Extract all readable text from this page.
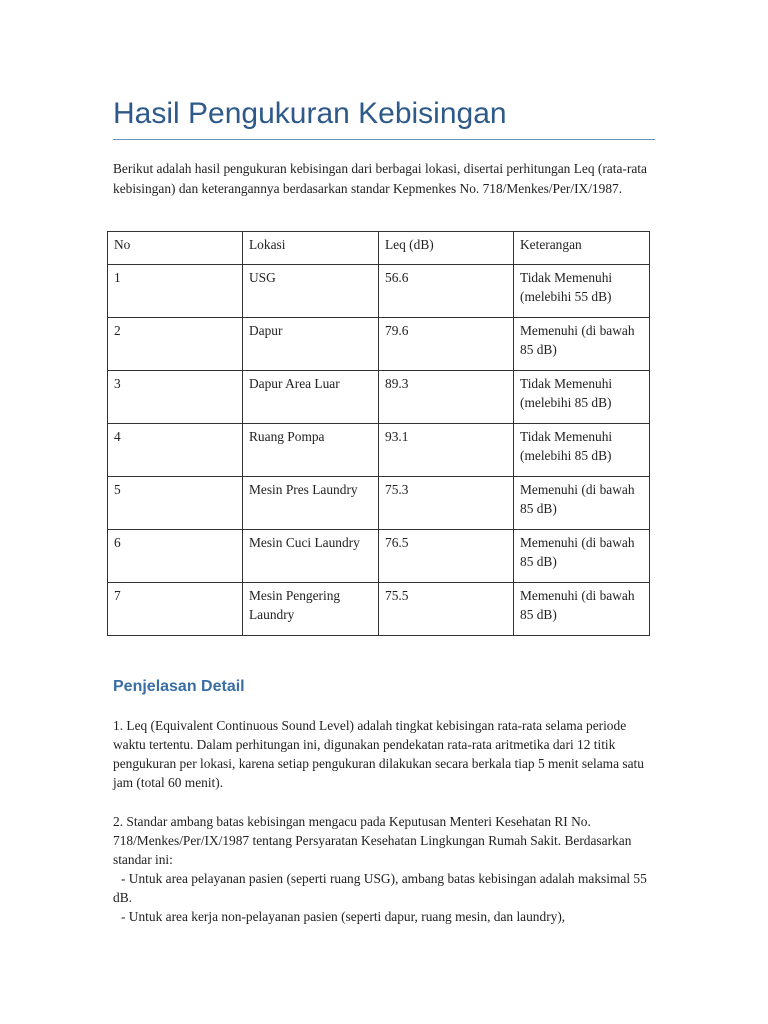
Hasil Pengukuran Kebisingan

Berikut adalah hasil pengukuran kebisingan dari berbagai lokasi, disertai perhitungan Leq (rata-rata kebisingan) dan keterangannya berdasarkan standar Kepmenkes No. 718/Menkes/Per/IX/1987.

No	Lokasi	Leq (dB)	Keterangan
1	USG	56.6	Tidak Memenuhi (melebihi 55 dB)
2	Dapur	79.6	Memenuhi (di bawah 85 dB)
3	Dapur Area Luar	89.3	Tidak Memenuhi (melebihi 85 dB)
4	Ruang Pompa	93.1	Tidak Memenuhi (melebihi 85 dB)
5	Mesin Pres Laundry	75.3	Memenuhi (di bawah 85 dB)
6	Mesin Cuci Laundry	76.5	Memenuhi (di bawah 85 dB)
7	Mesin Pengering Laundry	75.5	Memenuhi (di bawah 85 dB)
Penjelasan Detail

1. Leq (Equivalent Continuous Sound Level) adalah tingkat kebisingan rata-rata selama periode waktu tertentu. Dalam perhitungan ini, digunakan pendekatan rata-rata aritmetika dari 12 titik pengukuran per lokasi, karena setiap pengukuran dilakukan secara berkala tiap 5 menit selama satu jam (total 60 menit).

2. Standar ambang batas kebisingan mengacu pada Keputusan Menteri Kesehatan RI No. 718/Menkes/Per/IX/1987 tentang Persyaratan Kesehatan Lingkungan Rumah Sakit. Berdasarkan standar ini:

- Untuk area pelayanan pasien (seperti ruang USG), ambang batas kebisingan adalah maksimal 55 dB.

- Untuk area kerja non-pelayanan pasien (seperti dapur, ruang mesin, dan laundry),
